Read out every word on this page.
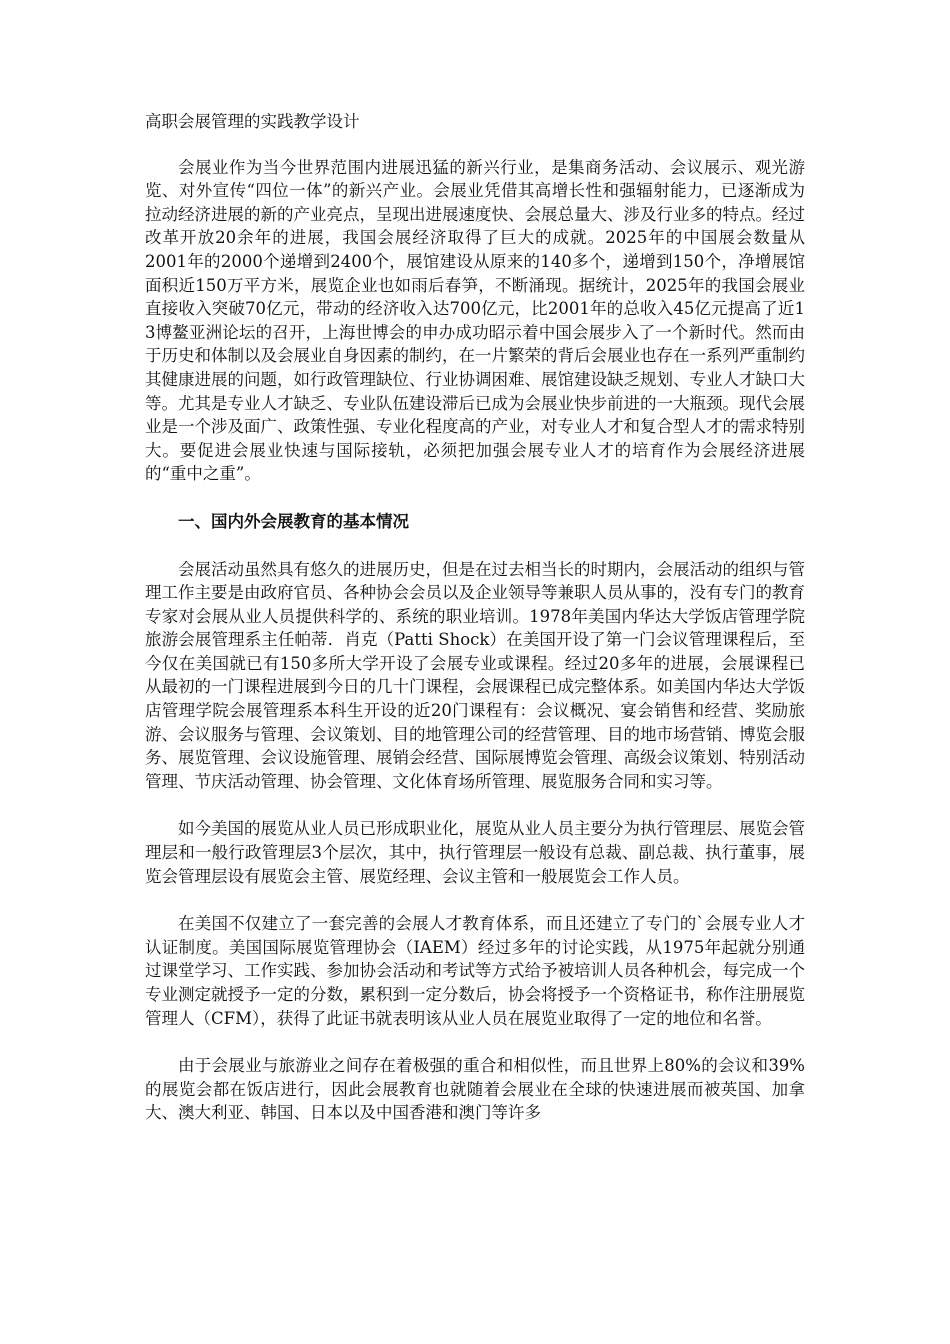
高职会展管理的实践教学设计

会展业作为当今世界范围内进展迅猛的新兴行业，是集商务活动、会议展示、观光游览、对外宣传“四位一体”的新兴产业。会展业凭借其高增长性和强辐射能力，已逐渐成为拉动经济进展的新的产业亮点，呈现出进展速度快、会展总量大、涉及行业多的特点。经过改革开放20余年的进展，我国会展经济取得了巨大的成就。2025年的中国展会数量从2001年的2000个递增到2400个，展馆建设从原来的140多个，递增到150个，净增展馆面积近150万平方米，展览企业也如雨后春笋，不断涌现。据统计，2025年的我国会展业直接收入突破70亿元，带动的经济收入达700亿元，比2001年的总收入45亿元提高了近1 3博鳌亚洲论坛的召开，上海世博会的申办成功昭示着中国会展步入了一个新时代。然而由于历史和体制以及会展业自身因素的制约，在一片繁荣的背后会展业也存在一系列严重制约其健康进展的问题，如行政管理缺位、行业协调困难、展馆建设缺乏规划、专业人才缺口大等。尤其是专业人才缺乏、专业队伍建设滞后已成为会展业快步前进的一大瓶颈。现代会展业是一个涉及面广、政策性强、专业化程度高的产业，对专业人才和复合型人才的需求特别大。要促进会展业快速与国际接轨，必须把加强会展专业人才的培育作为会展经济进展的“重中之重”。

一、国内外会展教育的基本情况

会展活动虽然具有悠久的进展历史，但是在过去相当长的时期内，会展活动的组织与管理工作主要是由政府官员、各种协会会员以及企业领导等兼职人员从事的，没有专门的教育专家对会展从业人员提供科学的、系统的职业培训。1978年美国内华达大学饭店管理学院旅游会展管理系主任帕蒂．肖克（Patti Shock）在美国开设了第一门会议管理课程后，至今仅在美国就已有150多所大学开设了会展专业或课程。经过20多年的进展，会展课程已从最初的一门课程进展到今日的几十门课程，会展课程已成完整体系。如美国内华达大学饭店管理学院会展管理系本科生开设的近20门课程有：会议概况、宴会销售和经营、奖励旅游、会议服务与管理、会议策划、目的地管理公司的经营管理、目的地市场营销、博览会服务、展览管理、会议设施管理、展销会经营、国际展博览会管理、高级会议策划、特别活动管理、节庆活动管理、协会管理、文化体育场所管理、展览服务合同和实习等。

如今美国的展览从业人员已形成职业化，展览从业人员主要分为执行管理层、展览会管理层和一般行政管理层3个层次，其中，执行管理层一般设有总裁、副总裁、执行董事，展览会管理层设有展览会主管、展览经理、会议主管和一般展览会工作人员。

在美国不仅建立了一套完善的会展人才教育体系，而且还建立了专门的`会展专业人才认证制度。美国国际展览管理协会（IAEM）经过多年的讨论实践，从1975年起就分别通过课堂学习、工作实践、参加协会活动和考试等方式给予被培训人员各种机会，每完成一个专业测定就授予一定的分数，累积到一定分数后，协会将授予一个资格证书，称作注册展览管理人（CFM），获得了此证书就表明该从业人员在展览业取得了一定的地位和名誉。

由于会展业与旅游业之间存在着极强的重合和相似性，而且世界上80%的会议和39%的展览会都在饭店进行，因此会展教育也就随着会展业在全球的快速进展而被英国、加拿大、澳大利亚、韩国、日本以及中国香港和澳门等许多
